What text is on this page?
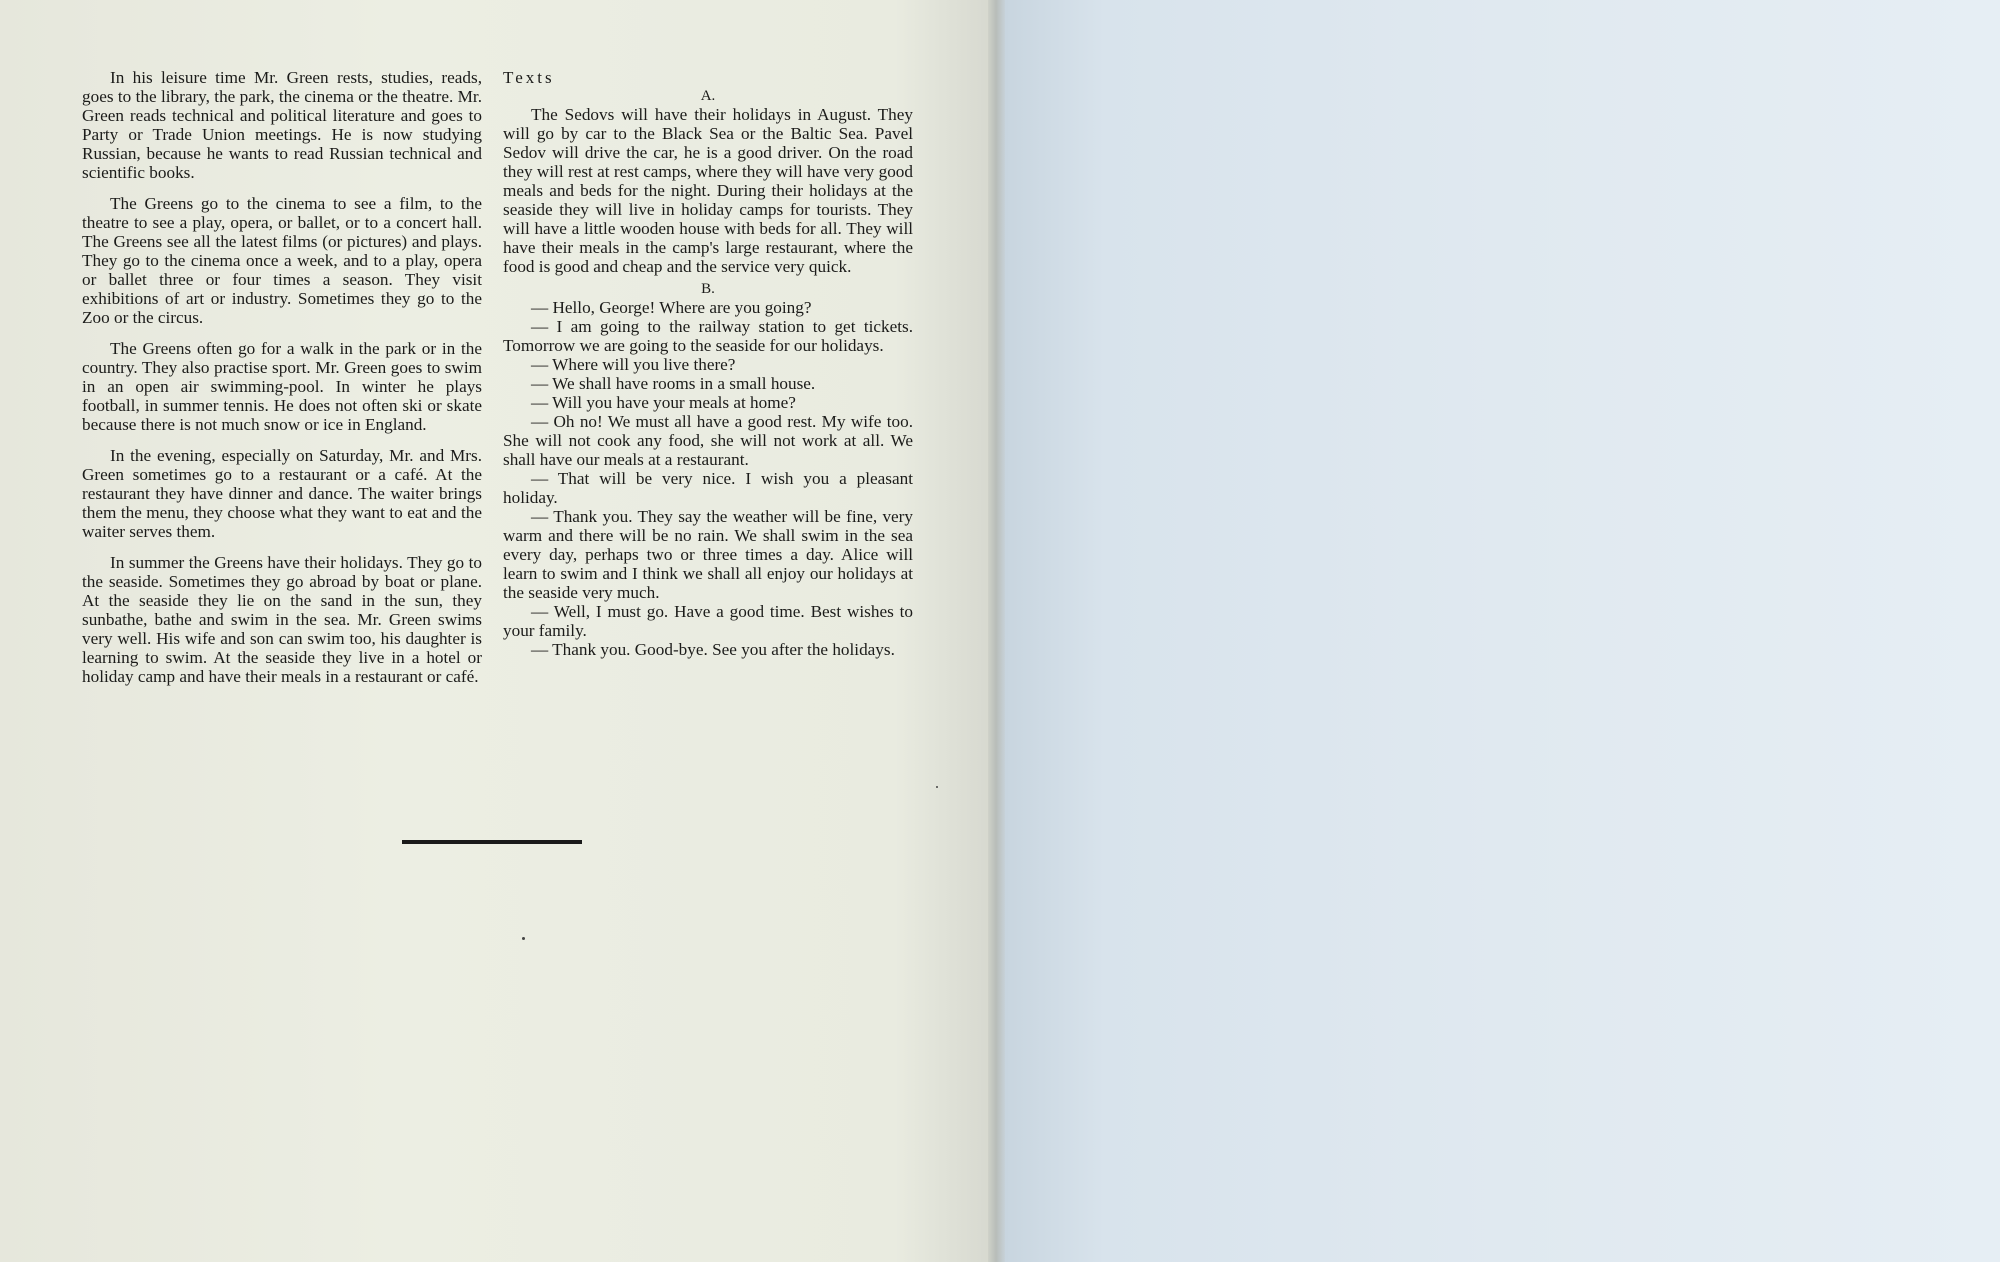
In his leisure time Mr. Green rests, studies, reads, goes to the library, the park, the cinema or the theatre. Mr. Green reads technical and political literature and goes to Party or Trade Union meetings. He is now studying Russian, because he wants to read Russian technical and scientific books.

The Greens go to the cinema to see a film, to the theatre to see a play, opera, or ballet, or to a concert hall. The Greens see all the latest films (or pictures) and plays. They go to the cinema once a week, and to a play, opera or ballet three or four times a season. They visit exhibitions of art or industry. Sometimes they go to the Zoo or the circus.

The Greens often go for a walk in the park or in the country. They also practise sport. Mr. Green goes to swim in an open air swimming-pool. In winter he plays football, in summer tennis. He does not often ski or skate because there is not much snow or ice in England.

In the evening, especially on Saturday, Mr. and Mrs. Green sometimes go to a restaurant or a café. At the restaurant they have dinner and dance. The waiter brings them the menu, they choose what they want to eat and the waiter serves them.

In summer the Greens have their holidays. They go to the seaside. Sometimes they go abroad by boat or plane. At the seaside they lie on the sand in the sun, they sunbathe, bathe and swim in the sea. Mr. Green swims very well. His wife and son can swim too, his daughter is learning to swim. At the seaside they live in a hotel or holiday camp and have their meals in a restaurant or café.

Texts
A.

The Sedovs will have their holidays in August. They will go by car to the Black Sea or the Baltic Sea. Pavel Sedov will drive the car, he is a good driver. On the road they will rest at rest camps, where they will have very good meals and beds for the night. During their holidays at the seaside they will live in holiday camps for tourists. They will have a little wooden house with beds for all. They will have their meals in the camp's large restaurant, where the food is good and cheap and the service very quick.

B.

— Hello, George! Where are you going?

— I am going to the railway station to get tickets. Tomorrow we are going to the seaside for our holidays.

— Where will you live there?

— We shall have rooms in a small house.

— Will you have your meals at home?

— Oh no! We must all have a good rest. My wife too. She will not cook any food, she will not work at all. We shall have our meals at a restaurant.

— That will be very nice. I wish you a pleasant holiday.

— Thank you. They say the weather will be fine, very warm and there will be no rain. We shall swim in the sea every day, perhaps two or three times a day. Alice will learn to swim and I think we shall all enjoy our holidays at the seaside very much.

— Well, I must go. Have a good time. Best wishes to your family.

— Thank you. Good-bye. See you after the holidays.
